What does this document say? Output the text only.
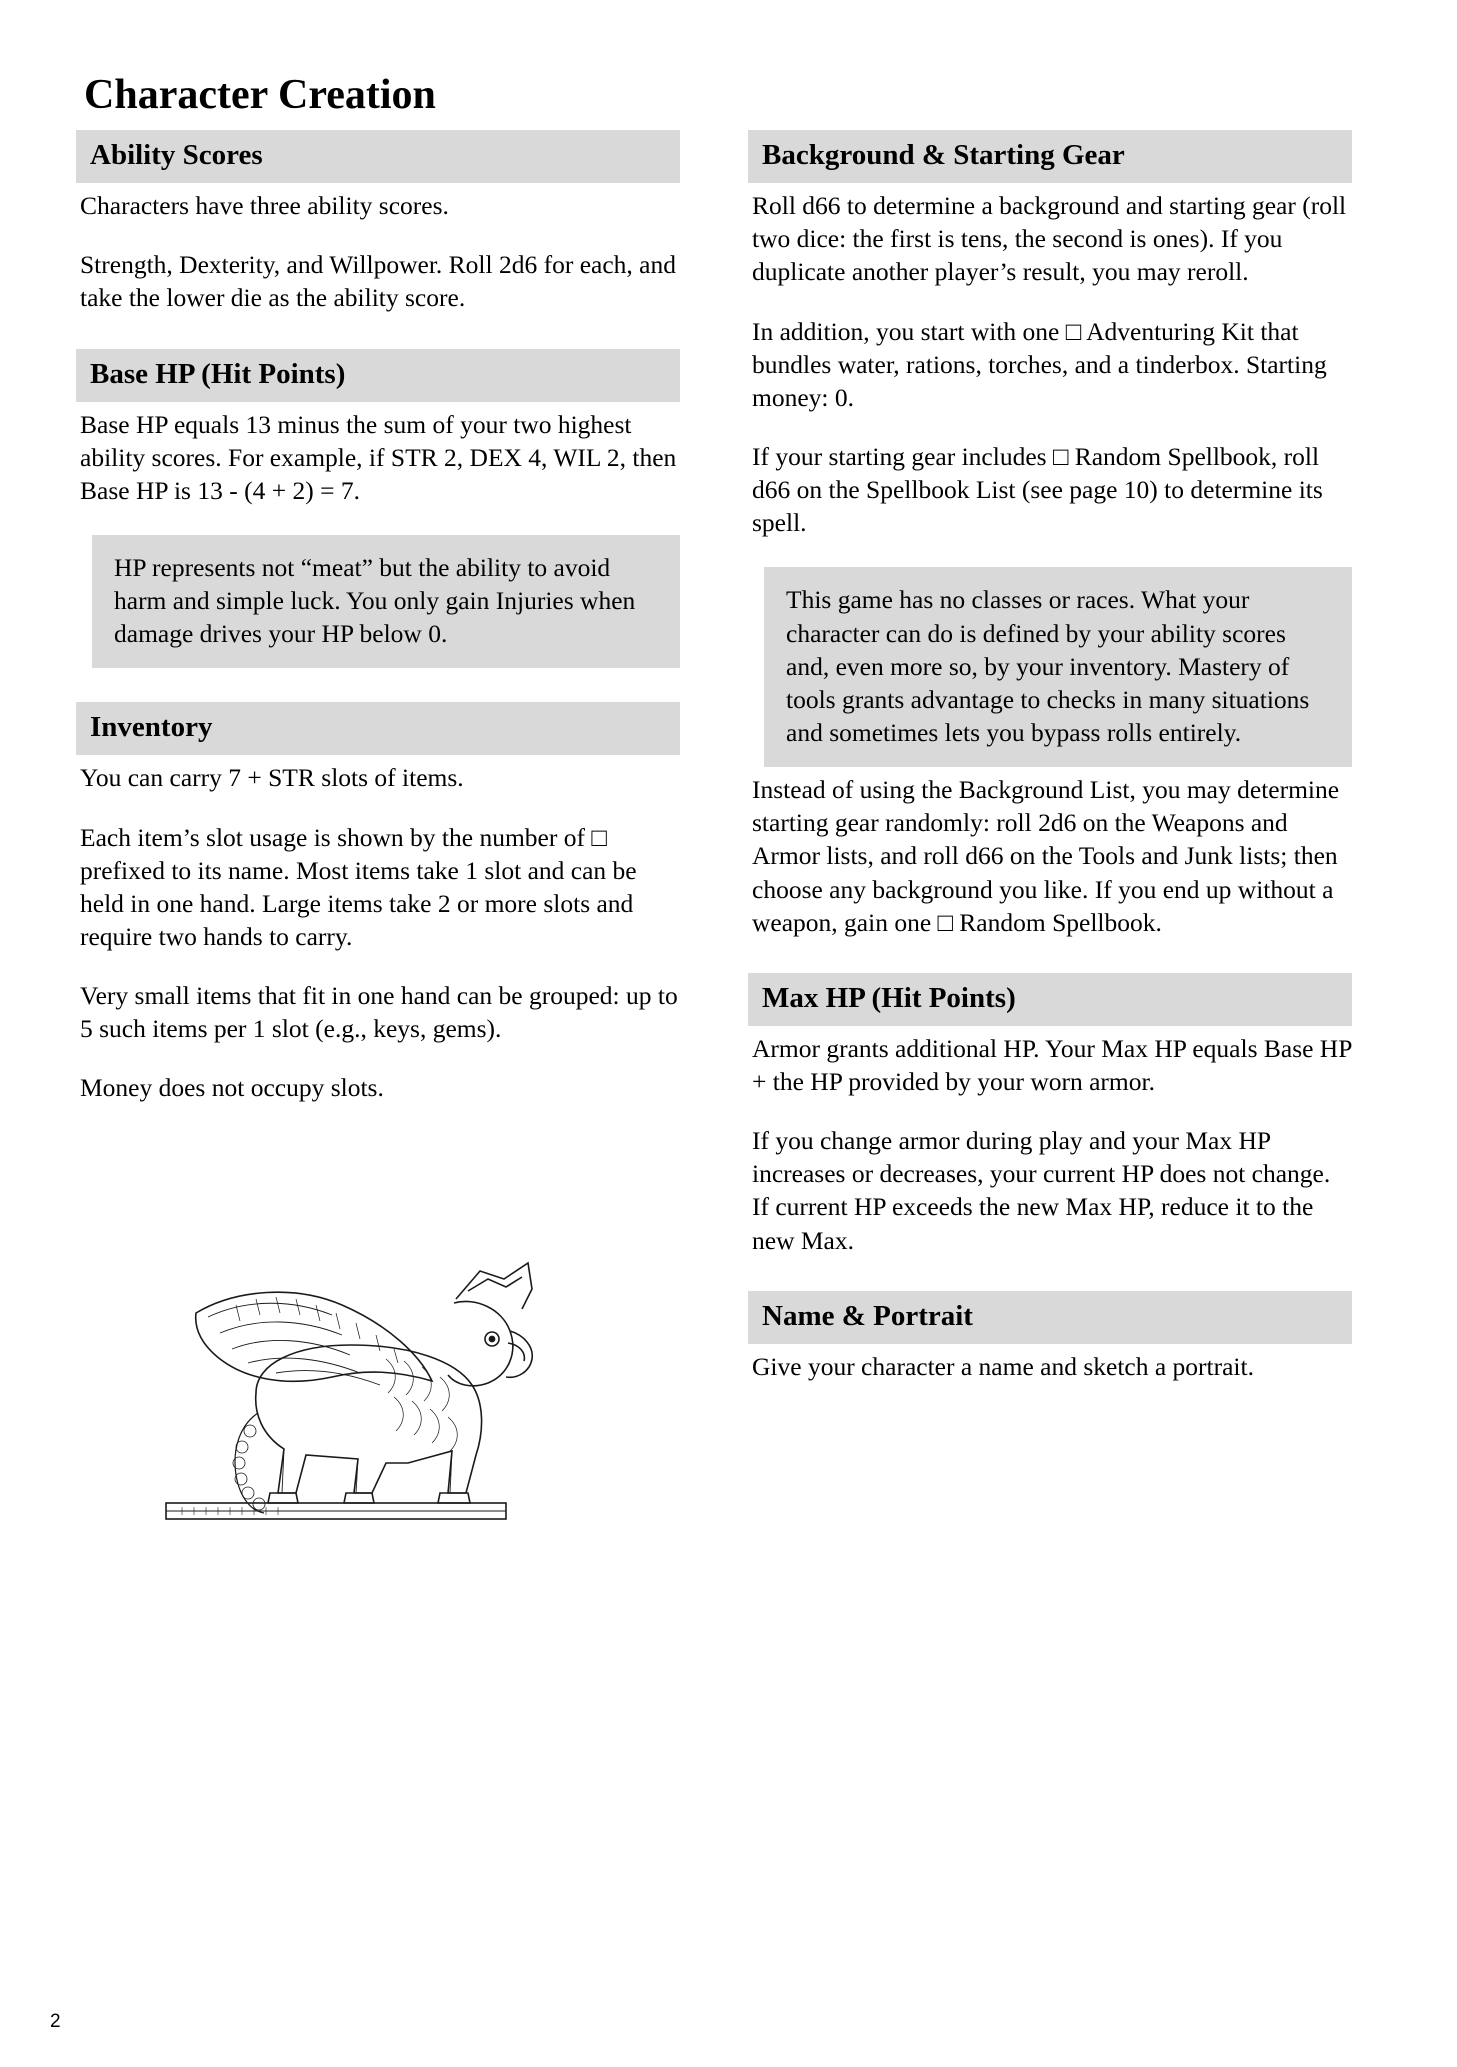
Character Creation
Ability Scores

Characters have three ability scores.

Strength, Dexterity, and Willpower. Roll 2d6 for each, and take the lower die as the ability score.

Base HP (Hit Points)

Base HP equals 13 minus the sum of your two highest ability scores. For example, if STR 2, DEX 4, WIL 2, then Base HP is 13 - (4 + 2) = 7.

HP represents not “meat” but the ability to avoid harm and simple luck. You only gain Injuries when damage drives your HP below 0.

Inventory

You can carry 7 + STR slots of items.

Each item’s slot usage is shown by the number of □ prefixed to its name. Most items take 1 slot and can be held in one hand. Large items take 2 or more slots and require two hands to carry.

Very small items that fit in one hand can be grouped: up to 5 such items per 1 slot (e.g., keys, gems).

Money does not occupy slots.

Background & Starting Gear

Roll d66 to determine a background and starting gear (roll two dice: the first is tens, the second is ones). If you duplicate another player’s result, you may reroll.

In addition, you start with one □ Adventuring Kit that bundles water, rations, torches, and a tinderbox. Starting money: 0.

If your starting gear includes □ Random Spellbook, roll d66 on the Spellbook List (see page 10) to determine its spell.

This game has no classes or races. What your character can do is defined by your ability scores and, even more so, by your inventory. Mastery of tools grants advantage to checks in many situations and sometimes lets you bypass rolls entirely.

Instead of using the Background List, you may determine starting gear randomly: roll 2d6 on the Weapons and Armor lists, and roll d66 on the Tools and Junk lists; then choose any background you like. If you end up without a weapon, gain one □ Random Spellbook.

Max HP (Hit Points)

Armor grants additional HP. Your Max HP equals Base HP + the HP provided by your worn armor.

If you change armor during play and your Max HP increases or decreases, your current HP does not change. If current HP exceeds the new Max HP, reduce it to the new Max.

Name & Portrait

Give your character a name and sketch a portrait.

2
